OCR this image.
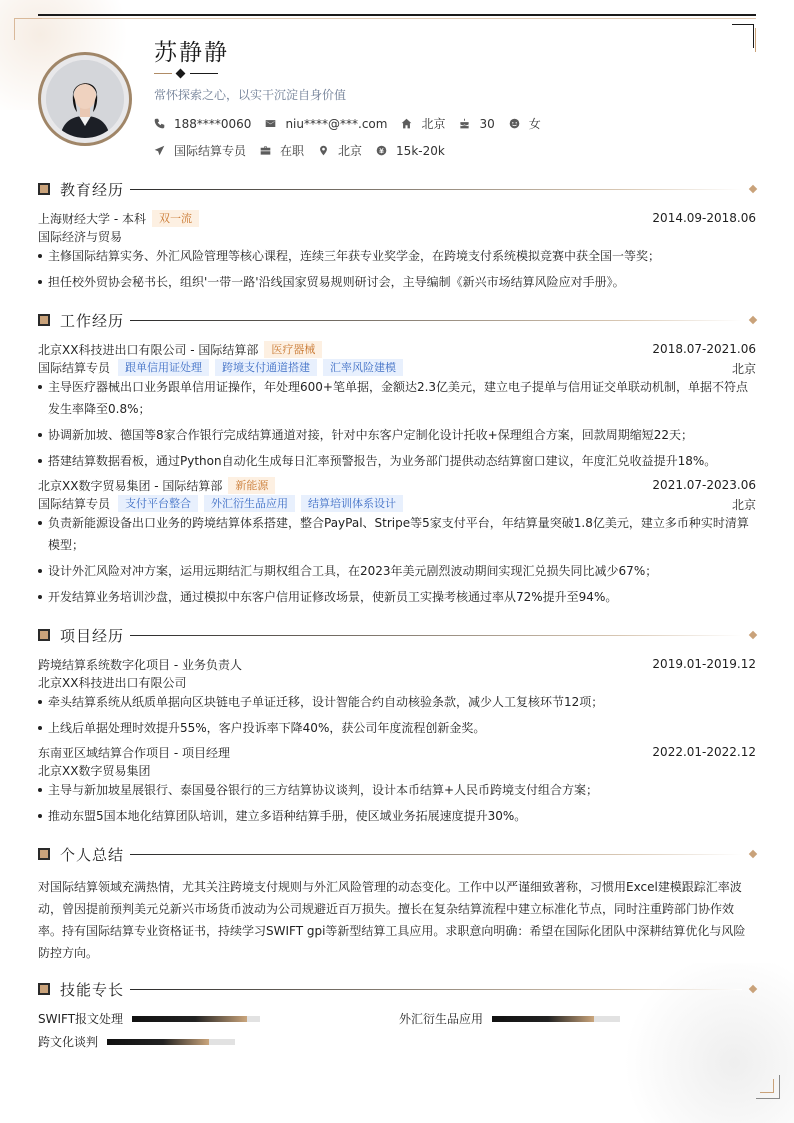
苏静静
常怀探索之心，以实干沉淀自身价值
188****0060	niu****@***.com	北京	30	女
国际结算专员	在职	北京	15k-20k
教育经历
上海财经大学 - 本科	双一流	2014.09-2018.06
国际经济与贸易
主修国际结算实务、外汇风险管理等核心课程，连续三年获专业奖学金，在跨境支付系统模拟竞赛中获全国一等奖；
担任校外贸协会秘书长，组织'一带一路'沿线国家贸易规则研讨会，主导编制《新兴市场结算风险应对手册》。
工作经历
北京XX科技进出口有限公司 - 国际结算部	医疗器械	2018.07-2021.06
国际结算专员	跟单信用证处理	跨境支付通道搭建	汇率风险建模	北京
主导医疗器械出口业务跟单信用证操作，年处理600+笔单据，金额达2.3亿美元，建立电子提单与信用证交单联动机制，单据不符点发生率降至0.8%；
协调新加坡、德国等8家合作银行完成结算通道对接，针对中东客户定制化设计托收+保理组合方案，回款周期缩短22天；
搭建结算数据看板，通过Python自动化生成每日汇率预警报告，为业务部门提供动态结算窗口建议，年度汇兑收益提升18%。
北京XX数字贸易集团 - 国际结算部	新能源	2021.07-2023.06
国际结算专员	支付平台整合	外汇衍生品应用	结算培训体系设计	北京
负责新能源设备出口业务的跨境结算体系搭建，整合PayPal、Stripe等5家支付平台，年结算量突破1.8亿美元，建立多币种实时清算模型；
设计外汇风险对冲方案，运用远期结汇与期权组合工具，在2023年美元剧烈波动期间实现汇兑损失同比减少67%；
开发结算业务培训沙盘，通过模拟中东客户信用证修改场景，使新员工实操考核通过率从72%提升至94%。
项目经历
跨境结算系统数字化项目 - 业务负责人	2019.01-2019.12
北京XX科技进出口有限公司
牵头结算系统从纸质单据向区块链电子单证迁移，设计智能合约自动核验条款，减少人工复核环节12项；
上线后单据处理时效提升55%，客户投诉率下降40%，获公司年度流程创新金奖。
东南亚区域结算合作项目 - 项目经理	2022.01-2022.12
北京XX数字贸易集团
主导与新加坡星展银行、泰国曼谷银行的三方结算协议谈判，设计本币结算+人民币跨境支付组合方案；
推动东盟5国本地化结算团队培训，建立多语种结算手册，使区域业务拓展速度提升30%。
个人总结
对国际结算领域充满热情，尤其关注跨境支付规则与外汇风险管理的动态变化。工作中以严谨细致著称，习惯用Excel建模跟踪汇率波动，曾因提前预判美元兑新兴市场货币波动为公司规避近百万损失。擅长在复杂结算流程中建立标准化节点，同时注重跨部门协作效率。持有国际结算专业资格证书，持续学习SWIFT gpi等新型结算工具应用。求职意向明确：希望在国际化团队中深耕结算优化与风险防控方向。
技能专长
SWIFT报文处理	外汇衍生品应用
跨文化谈判
